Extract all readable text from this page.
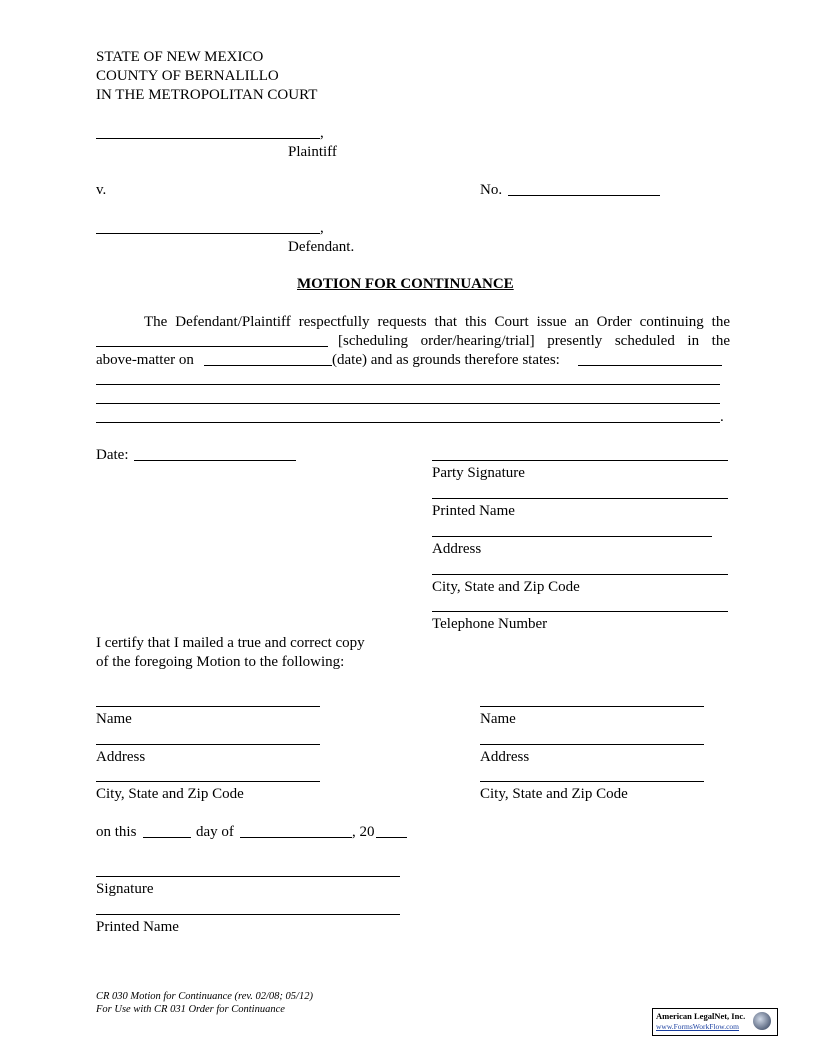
STATE OF NEW MEXICO
COUNTY OF BERNALILLO
IN THE METROPOLITAN COURT
,
Plaintiff
v.	No.
,
Defendant.
MOTION FOR CONTINUANCE
The Defendant/Plaintiff respectfully requests that this Court issue an Order continuing the
[scheduling order/hearing/trial] presently scheduled in the
above-matter on	(date) and as grounds therefore states:
.
Date:
Party Signature
Printed Name
Address
City, State and Zip Code
Telephone Number
I certify that I mailed a true and correct copy
of the foregoing Motion to the following:
Name
Address
City, State and Zip Code
Name
Address
City, State and Zip Code
on this	day of	, 20
Signature
Printed Name
CR 030 Motion for Continuance (rev. 02/08; 05/12)
For Use with CR 031 Order for Continuance
American LegalNet, Inc.
www.FormsWorkFlow.com
